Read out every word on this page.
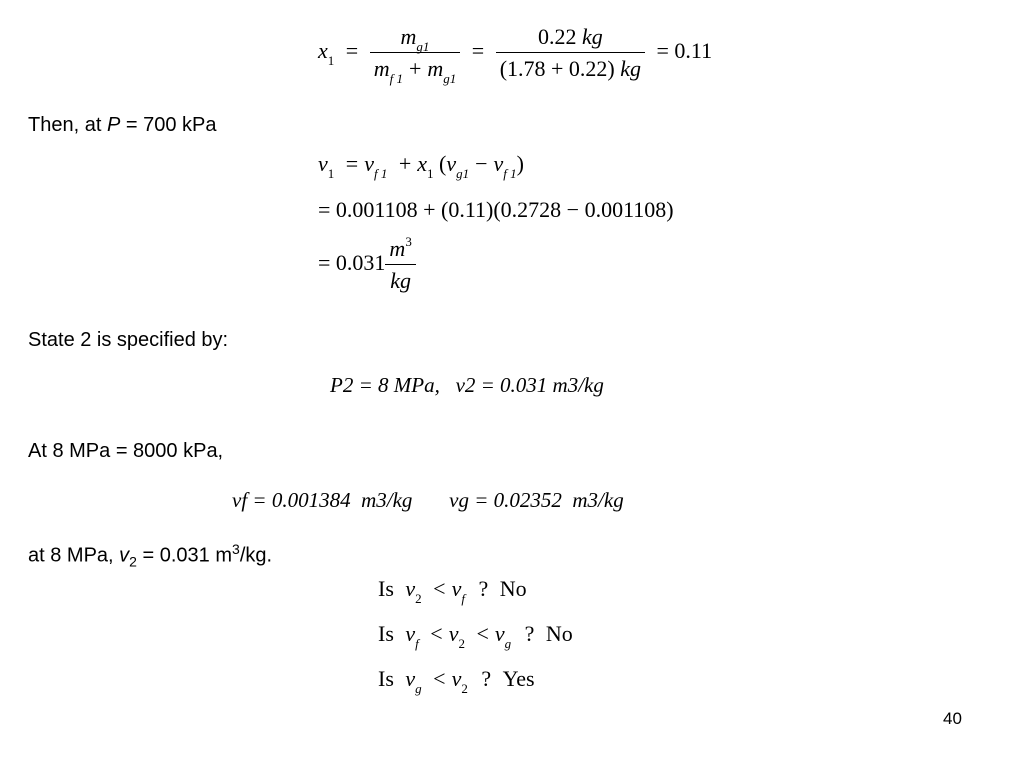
$x_1 = \frac{m_{g1}}{m_{f 1} + m_{g1}} = \frac{0.22 kg}{(1.78 + 0.22) kg} = 0.11$
Then, at P = 700 kPa
$v_1 = v_{f 1} + x_1$ $(v_{g1} - v_{f 1})$
= 0.001108 + (0.11)(0.2728 − 0.001108)
= $0.031 \frac{m^3}{kg}$
State 2 is specified by:
P2 = 8 MPa,   v2 = 0.031 m3/kg
At 8 MPa = 8000 kPa,
vf = 0.001384  m3/kg       vg = 0.02352  m3/kg
at 8 MPa, $v_2 = 0.031$ $m^3/kg$.
Is $v_2 < v_f$ ? No
Is $v_f < v_2 < v_g$ ? No
Is $v_g < v_2$ ? Yes
40
